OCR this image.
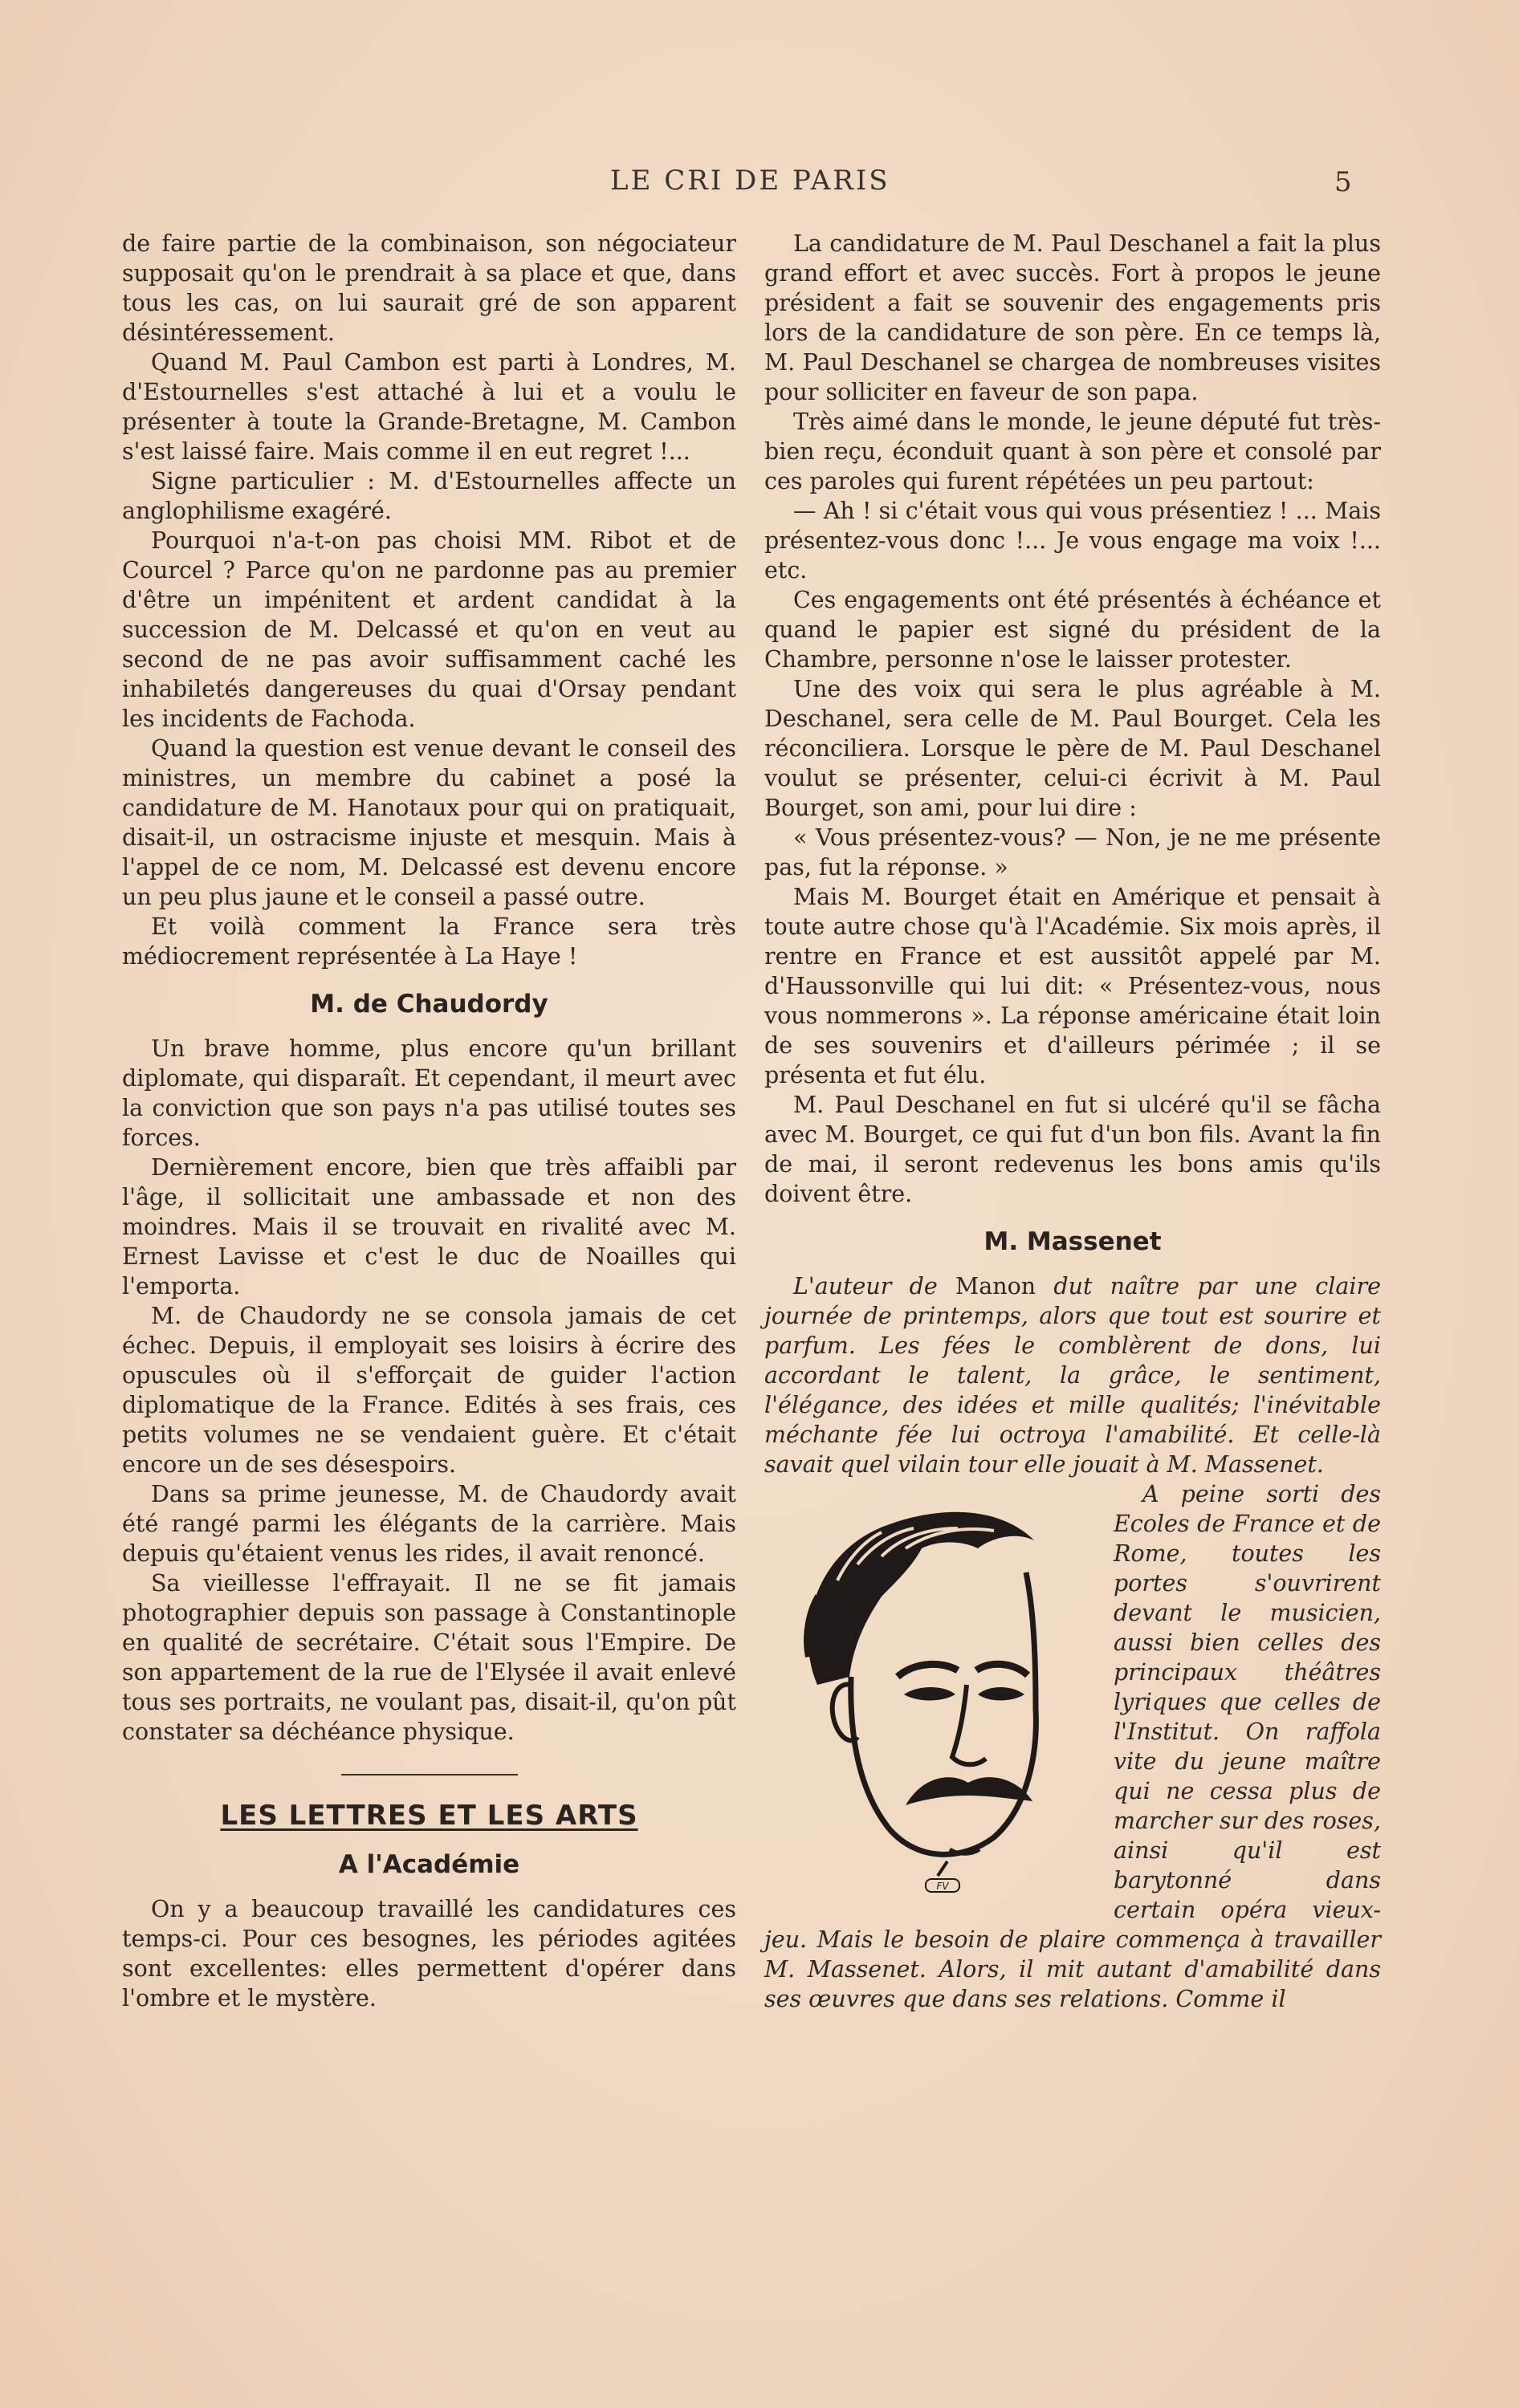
LE CRI DE PARIS	5

de faire partie de la combinaison, son négociateur supposait qu'on le prendrait à sa place et que, dans tous les cas, on lui saurait gré de son apparent désintéressement.

Quand M. Paul Cambon est parti à Londres, M. d'Estournelles s'est attaché à lui et a voulu le présenter à toute la Grande-Bretagne, M. Cambon s'est laissé faire. Mais comme il en eut regret !...

Signe particulier : M. d'Estournelles affecte un anglophilisme exagéré.

Pourquoi n'a-t-on pas choisi MM. Ribot et de Courcel ? Parce qu'on ne pardonne pas au premier d'être un impénitent et ardent candidat à la succession de M. Delcassé et qu'on en veut au second de ne pas avoir suffisamment caché les inhabiletés dangereuses du quai d'Orsay pendant les incidents de Fachoda.

Quand la question est venue devant le conseil des ministres, un membre du cabinet a posé la candidature de M. Hanotaux pour qui on pratiquait, disait-il, un ostracisme injuste et mesquin. Mais à l'appel de ce nom, M. Delcassé est devenu encore un peu plus jaune et le conseil a passé outre.

Et voilà comment la France sera très médiocrement représentée à La Haye !

M. de Chaudordy

Un brave homme, plus encore qu'un brillant diplomate, qui disparaît. Et cependant, il meurt avec la conviction que son pays n'a pas utilisé toutes ses forces.

Dernièrement encore, bien que très affaibli par l'âge, il sollicitait une ambassade et non des moindres. Mais il se trouvait en rivalité avec M. Ernest Lavisse et c'est le duc de Noailles qui l'emporta.

M. de Chaudordy ne se consola jamais de cet échec. Depuis, il employait ses loisirs à écrire des opuscules où il s'efforçait de guider l'action diplomatique de la France. Edités à ses frais, ces petits volumes ne se vendaient guère. Et c'était encore un de ses désespoirs.

Dans sa prime jeunesse, M. de Chaudordy avait été rangé parmi les élégants de la carrière. Mais depuis qu'étaient venus les rides, il avait renoncé.

Sa vieillesse l'effrayait. Il ne se fit jamais photographier depuis son passage à Constantinople en qualité de secrétaire. C'était sous l'Empire. De son appartement de la rue de l'Elysée il avait enlevé tous ses portraits, ne voulant pas, disait-il, qu'on pût constater sa déchéance physique.

LES LETTRES ET LES ARTS
A l'Académie

On y a beaucoup travaillé les candidatures ces temps-ci. Pour ces besognes, les périodes agitées sont excellentes: elles permettent d'opérer dans l'ombre et le mystère.

La candidature de M. Paul Deschanel a fait la plus grand effort et avec succès. Fort à propos le jeune président a fait se souvenir des engagements pris lors de la candidature de son père. En ce temps là, M. Paul Deschanel se chargea de nombreuses visites pour solliciter en faveur de son papa.

Très aimé dans le monde, le jeune député fut très-bien reçu, éconduit quant à son père et consolé par ces paroles qui furent répétées un peu partout:

— Ah ! si c'était vous qui vous présentiez ! ... Mais présentez-vous donc !... Je vous engage ma voix !... etc.

Ces engagements ont été présentés à échéance et quand le papier est signé du président de la Chambre, personne n'ose le laisser protester.

Une des voix qui sera le plus agréable à M. Deschanel, sera celle de M. Paul Bourget. Cela les réconciliera. Lorsque le père de M. Paul Deschanel voulut se présenter, celui-ci écrivit à M. Paul Bourget, son ami, pour lui dire :

« Vous présentez-vous? — Non, je ne me présente pas, fut la réponse. »

Mais M. Bourget était en Amérique et pensait à toute autre chose qu'à l'Académie. Six mois après, il rentre en France et est aussitôt appelé par M. d'Haussonville qui lui dit: « Présentez-vous, nous vous nommerons ». La réponse américaine était loin de ses souvenirs et d'ailleurs périmée ; il se présenta et fut élu.

M. Paul Deschanel en fut si ulcéré qu'il se fâcha avec M. Bourget, ce qui fut d'un bon fils. Avant la fin de mai, il seront redevenus les bons amis qu'ils doivent être.

M. Massenet

L'auteur de Manon dut naître par une claire journée de printemps, alors que tout est sourire et parfum. Les fées le comblèrent de dons, lui accordant le talent, la grâce, le sentiment, l'élégance, des idées et mille qualités; l'inévitable méchante fée lui octroya l'amabilité. Et celle-là savait quel vilain tour elle jouait à M. Massenet.

FV

A peine sorti des Ecoles de France et de Rome, toutes les portes s'ouvrirent devant le musicien, aussi bien celles des principaux théâtres lyriques que celles de l'Institut. On raffola vite du jeune maître qui ne cessa plus de marcher sur des roses, ainsi qu'il est barytonné dans certain opéra vieux-jeu. Mais le besoin de plaire commença à travailler M. Massenet. Alors, il mit autant d'amabilité dans ses œuvres que dans ses relations. Comme il
